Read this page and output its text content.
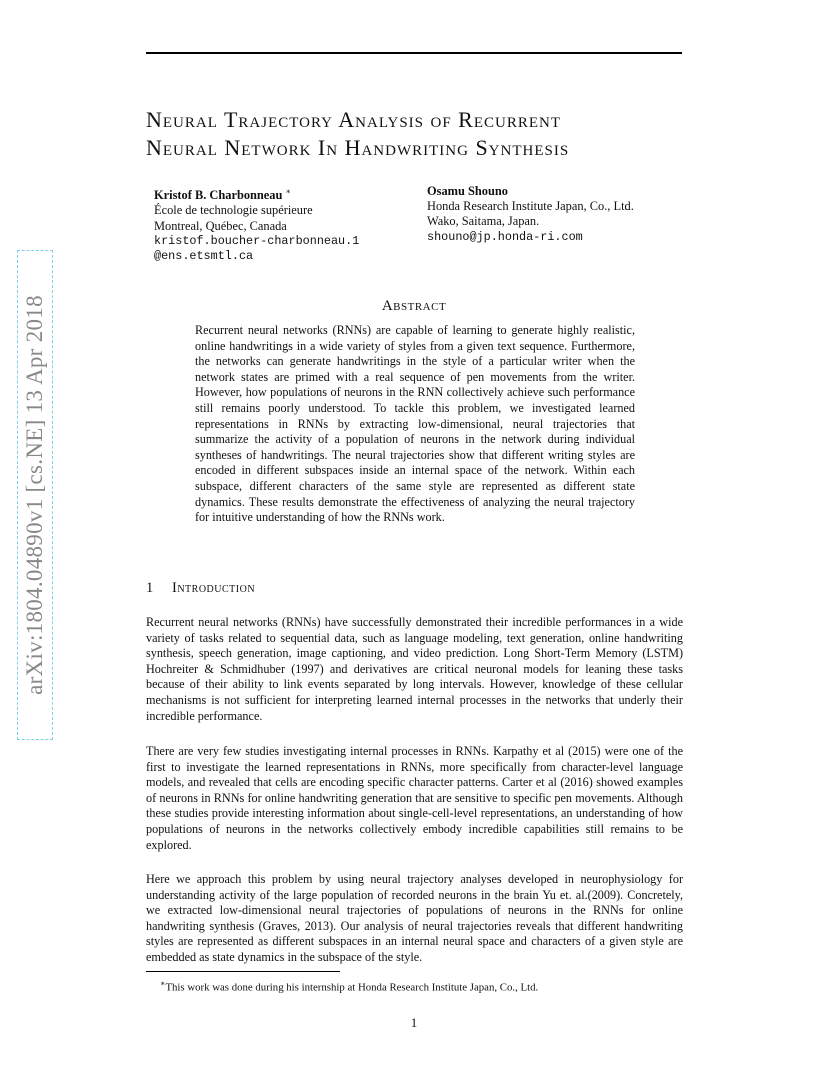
arXiv:1804.04890v1 [cs.NE] 13 Apr 2018
Neural Trajectory Analysis of Recurrent
Neural Network In Handwriting Synthesis
Kristof B. Charbonneau ∗
École de technologie supérieure
Montreal, Québec, Canada
kristof.boucher-charbonneau.1
@ens.etsmtl.ca
Osamu Shouno
Honda Research Institute Japan, Co., Ltd.
Wako, Saitama, Japan.
shouno@jp.honda-ri.com
Abstract
Recurrent neural networks (RNNs) are capable of learning to generate highly realistic, online handwritings in a wide variety of styles from a given text sequence. Furthermore, the networks can generate handwritings in the style of a particular writer when the network states are primed with a real sequence of pen movements from the writer. However, how populations of neurons in the RNN collectively achieve such performance still remains poorly understood. To tackle this problem, we investigated learned representations in RNNs by extracting low-dimensional, neural trajectories that summarize the activity of a population of neurons in the network during individual syntheses of handwritings. The neural trajectories show that different writing styles are encoded in different subspaces inside an internal space of the network. Within each subspace, different characters of the same style are represented as different state dynamics. These results demonstrate the effectiveness of analyzing the neural trajectory for intuitive understanding of how the RNNs work.
1 Introduction

Recurrent neural networks (RNNs) have successfully demonstrated their incredible performances in a wide variety of tasks related to sequential data, such as language modeling, text generation, online handwriting synthesis, speech generation, image captioning, and video prediction. Long Short-Term Memory (LSTM) Hochreiter & Schmidhuber (1997) and derivatives are critical neuronal models for leaning these tasks because of their ability to link events separated by long intervals. However, knowledge of these cellular mechanisms is not sufficient for interpreting learned internal processes in the networks that underly their incredible performance.

There are very few studies investigating internal processes in RNNs. Karpathy et al (2015) were one of the first to investigate the learned representations in RNNs, more specifically from character-level language models, and revealed that cells are encoding specific character patterns. Carter et al (2016) showed examples of neurons in RNNs for online handwriting generation that are sensitive to specific pen movements. Although these studies provide interesting information about single-cell-level representations, an understanding of how populations of neurons in the networks collectively embody incredible capabilities still remains to be explored.

Here we approach this problem by using neural trajectory analyses developed in neurophysiology for understanding activity of the large population of recorded neurons in the brain Yu et. al.(2009). Concretely, we extracted low-dimensional neural trajectories of populations of neurons in the RNNs for online handwriting synthesis (Graves, 2013). Our analysis of neural trajectories reveals that different handwriting styles are represented as different subspaces in an internal neural space and characters of a given style are embedded as state dynamics in the subspace of the style.

∗This work was done during his internship at Honda Research Institute Japan, Co., Ltd.
1
